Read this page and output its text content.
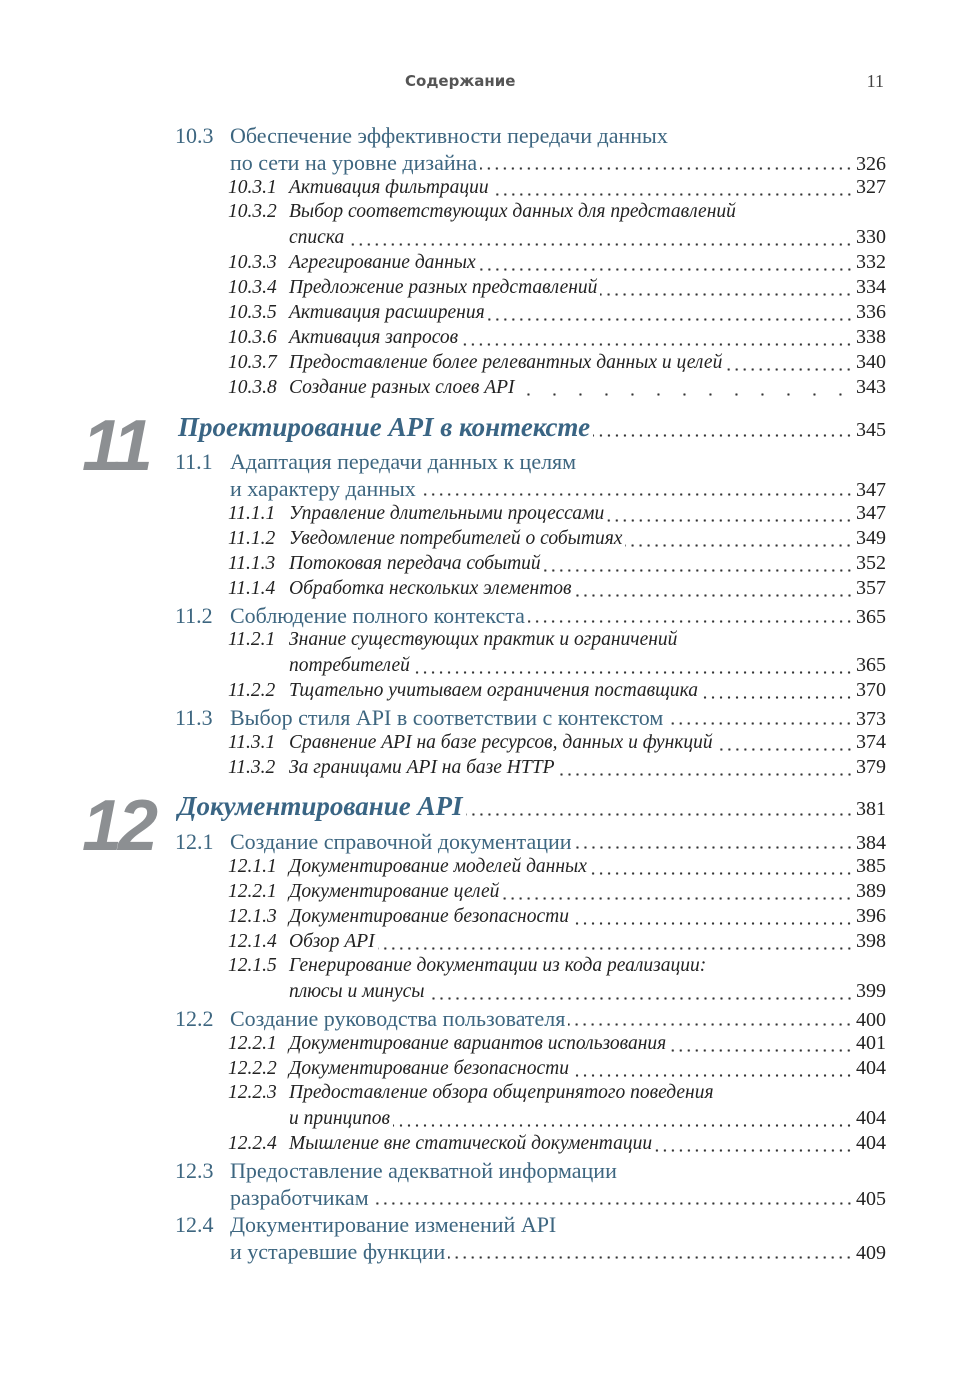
Содержание	11
10.3 Обеспечение эффективности передачи данных
по сети на уровне дизайна	326
10.3.1 Активация фильтрации	327
10.3.2 Выбор соответствующих данных для представлений
списка	330
10.3.3 Агрегирование данных	332
10.3.4 Предложение разных представлений	334
10.3.5 Активация расширения	336
10.3.6 Активация запросов	338
10.3.7 Предоставление более релевантных данных и целей	340
10.3.8 Создание разных слоев API	343
11 Проектирование API в контексте	345
11.1 Адаптация передачи данных к целям
и характеру данных	347
11.1.1 Управление длительными процессами	347
11.1.2 Уведомление потребителей о событиях	349
11.1.3 Потоковая передача событий	352
11.1.4 Обработка нескольких элементов	357
11.2 Соблюдение полного контекста	365
11.2.1 Знание существующих практик и ограничений
потребителей	365
11.2.2 Тщательно учитываем ограничения поставщика	370
11.3 Выбор стиля API в соответствии с контекстом	373
11.3.1 Сравнение API на базе ресурсов, данных и функций	374
11.3.2 За границами API на базе HTTP	379
12 Документирование API	381
12.1 Создание справочной документации	384
12.1.1 Документирование моделей данных	385
12.2.1 Документирование целей	389
12.1.3 Документирование безопасности	396
12.1.4 Обзор API	398
12.1.5 Генерирование документации из кода реализации:
плюсы и минусы	399
12.2 Создание руководства пользователя	400
12.2.1 Документирование вариантов использования	401
12.2.2 Документирование безопасности	404
12.2.3 Предоставление обзора общепринятого поведения
и принципов	404
12.2.4 Мышление вне статической документации	404
12.3 Предоставление адекватной информации
разработчикам	405
12.4 Документирование изменений API
и устаревшие функции	409
